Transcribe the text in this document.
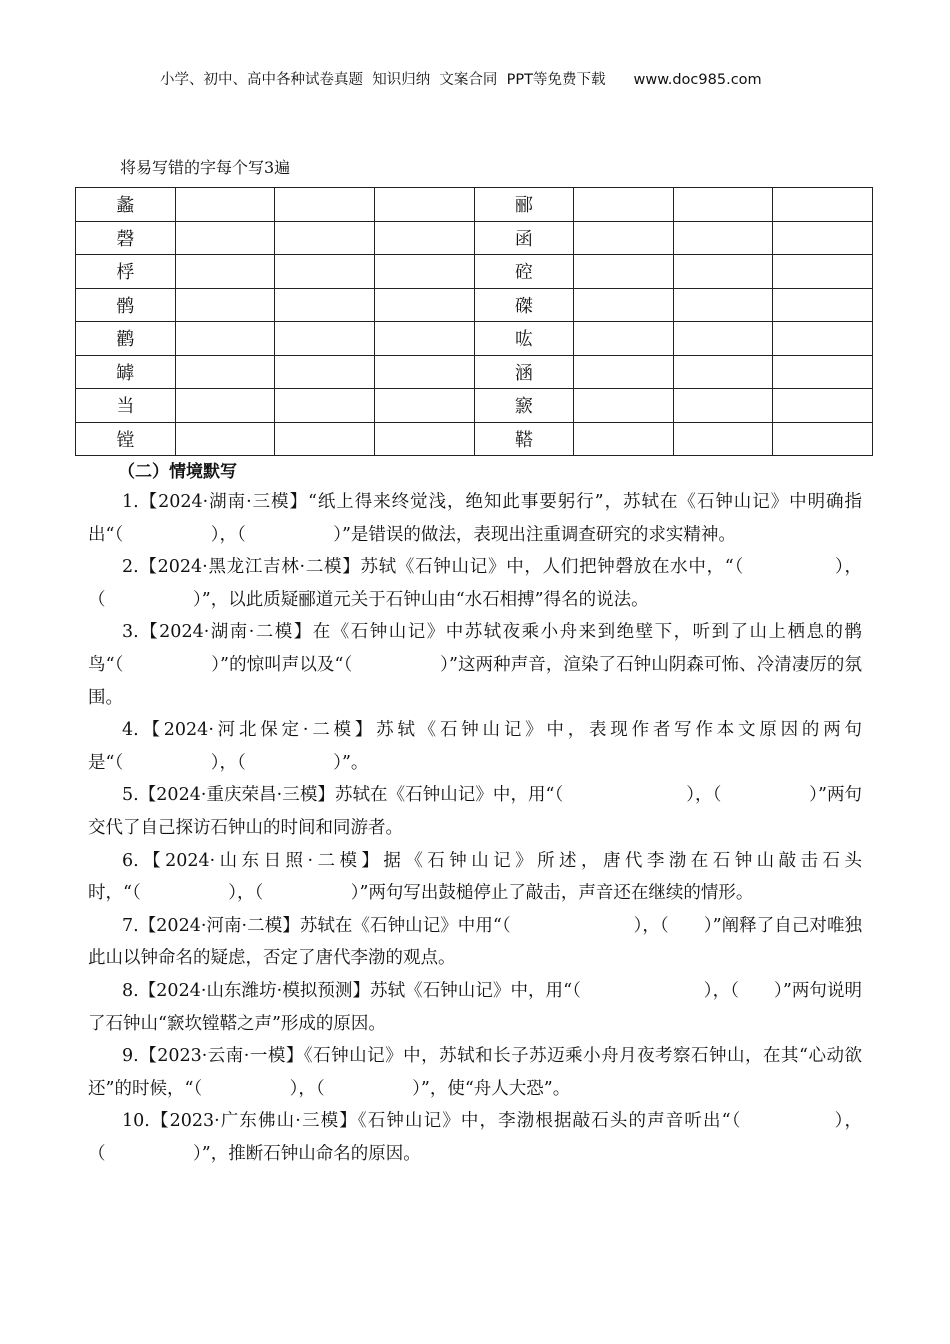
小学、初中、高中各种试卷真题  知识归纳  文案合同  PPT等免费下载 www.doc985.com
将易写错的字每个写3遍
蠡				郦			
磬				函			
桴				硿			
鹘				磔			
鹳				吰			
罅				涵			
当				窾			
镗				鞳			
（二）情境默写

1.【2024·湖南·三模】“纸上得来终觉浅，绝知此事要躬行”，苏轼在《石钟山记》中明确指出“（　　　　　），（　　　　　）”是错误的做法，表现出注重调查研究的求实精神。

2.【2024·黑龙江吉林·二模】苏轼《石钟山记》中，人们把钟磬放在水中，“（　　　　　），（　　　　　）”，以此质疑郦道元关于石钟山由“水石相搏”得名的说法。

3.【2024·湖南·二模】在《石钟山记》中苏轼夜乘小舟来到绝壁下，听到了山上栖息的鹘鸟“（　　　　　）”的惊叫声以及“（　　　　　）”这两种声音，渲染了石钟山阴森可怖、冷清凄厉的氛围。

4.【2024·河北保定·二模】苏轼《石钟山记》中，表现作者写作本文原因的两句是“（　　　　　），（　　　　　）”。

5.【2024·重庆荣昌·三模】苏轼在《石钟山记》中，用“（　　　　　　　），（　　　　　）”两句交代了自己探访石钟山的时间和同游者。

6.【2024·山东日照·二模】据《石钟山记》所述，唐代李渤在石钟山敲击石头时，“（　　　　　），（　　　　　）”两句写出鼓槌停止了敲击，声音还在继续的情形。

7.【2024·河南·二模】苏轼在《石钟山记》中用“（　　　　　　　），（　　）”阐释了自己对唯独此山以钟命名的疑虑，否定了唐代李渤的观点。

8.【2024·山东潍坊·模拟预测】苏轼《石钟山记》中，用“（　　　　　　　），（　　）”两句说明了石钟山“窾坎镗鞳之声”形成的原因。

9.【2023·云南·一模】《石钟山记》中，苏轼和长子苏迈乘小舟月夜考察石钟山，在其“心动欲还”的时候，“（　　　　　），（　　　　　）”，使“舟人大恐”。

10.【2023·广东佛山·三模】《石钟山记》中，李渤根据敲石头的声音听出“（　　　　　），（　　　　　）”，推断石钟山命名的原因。
